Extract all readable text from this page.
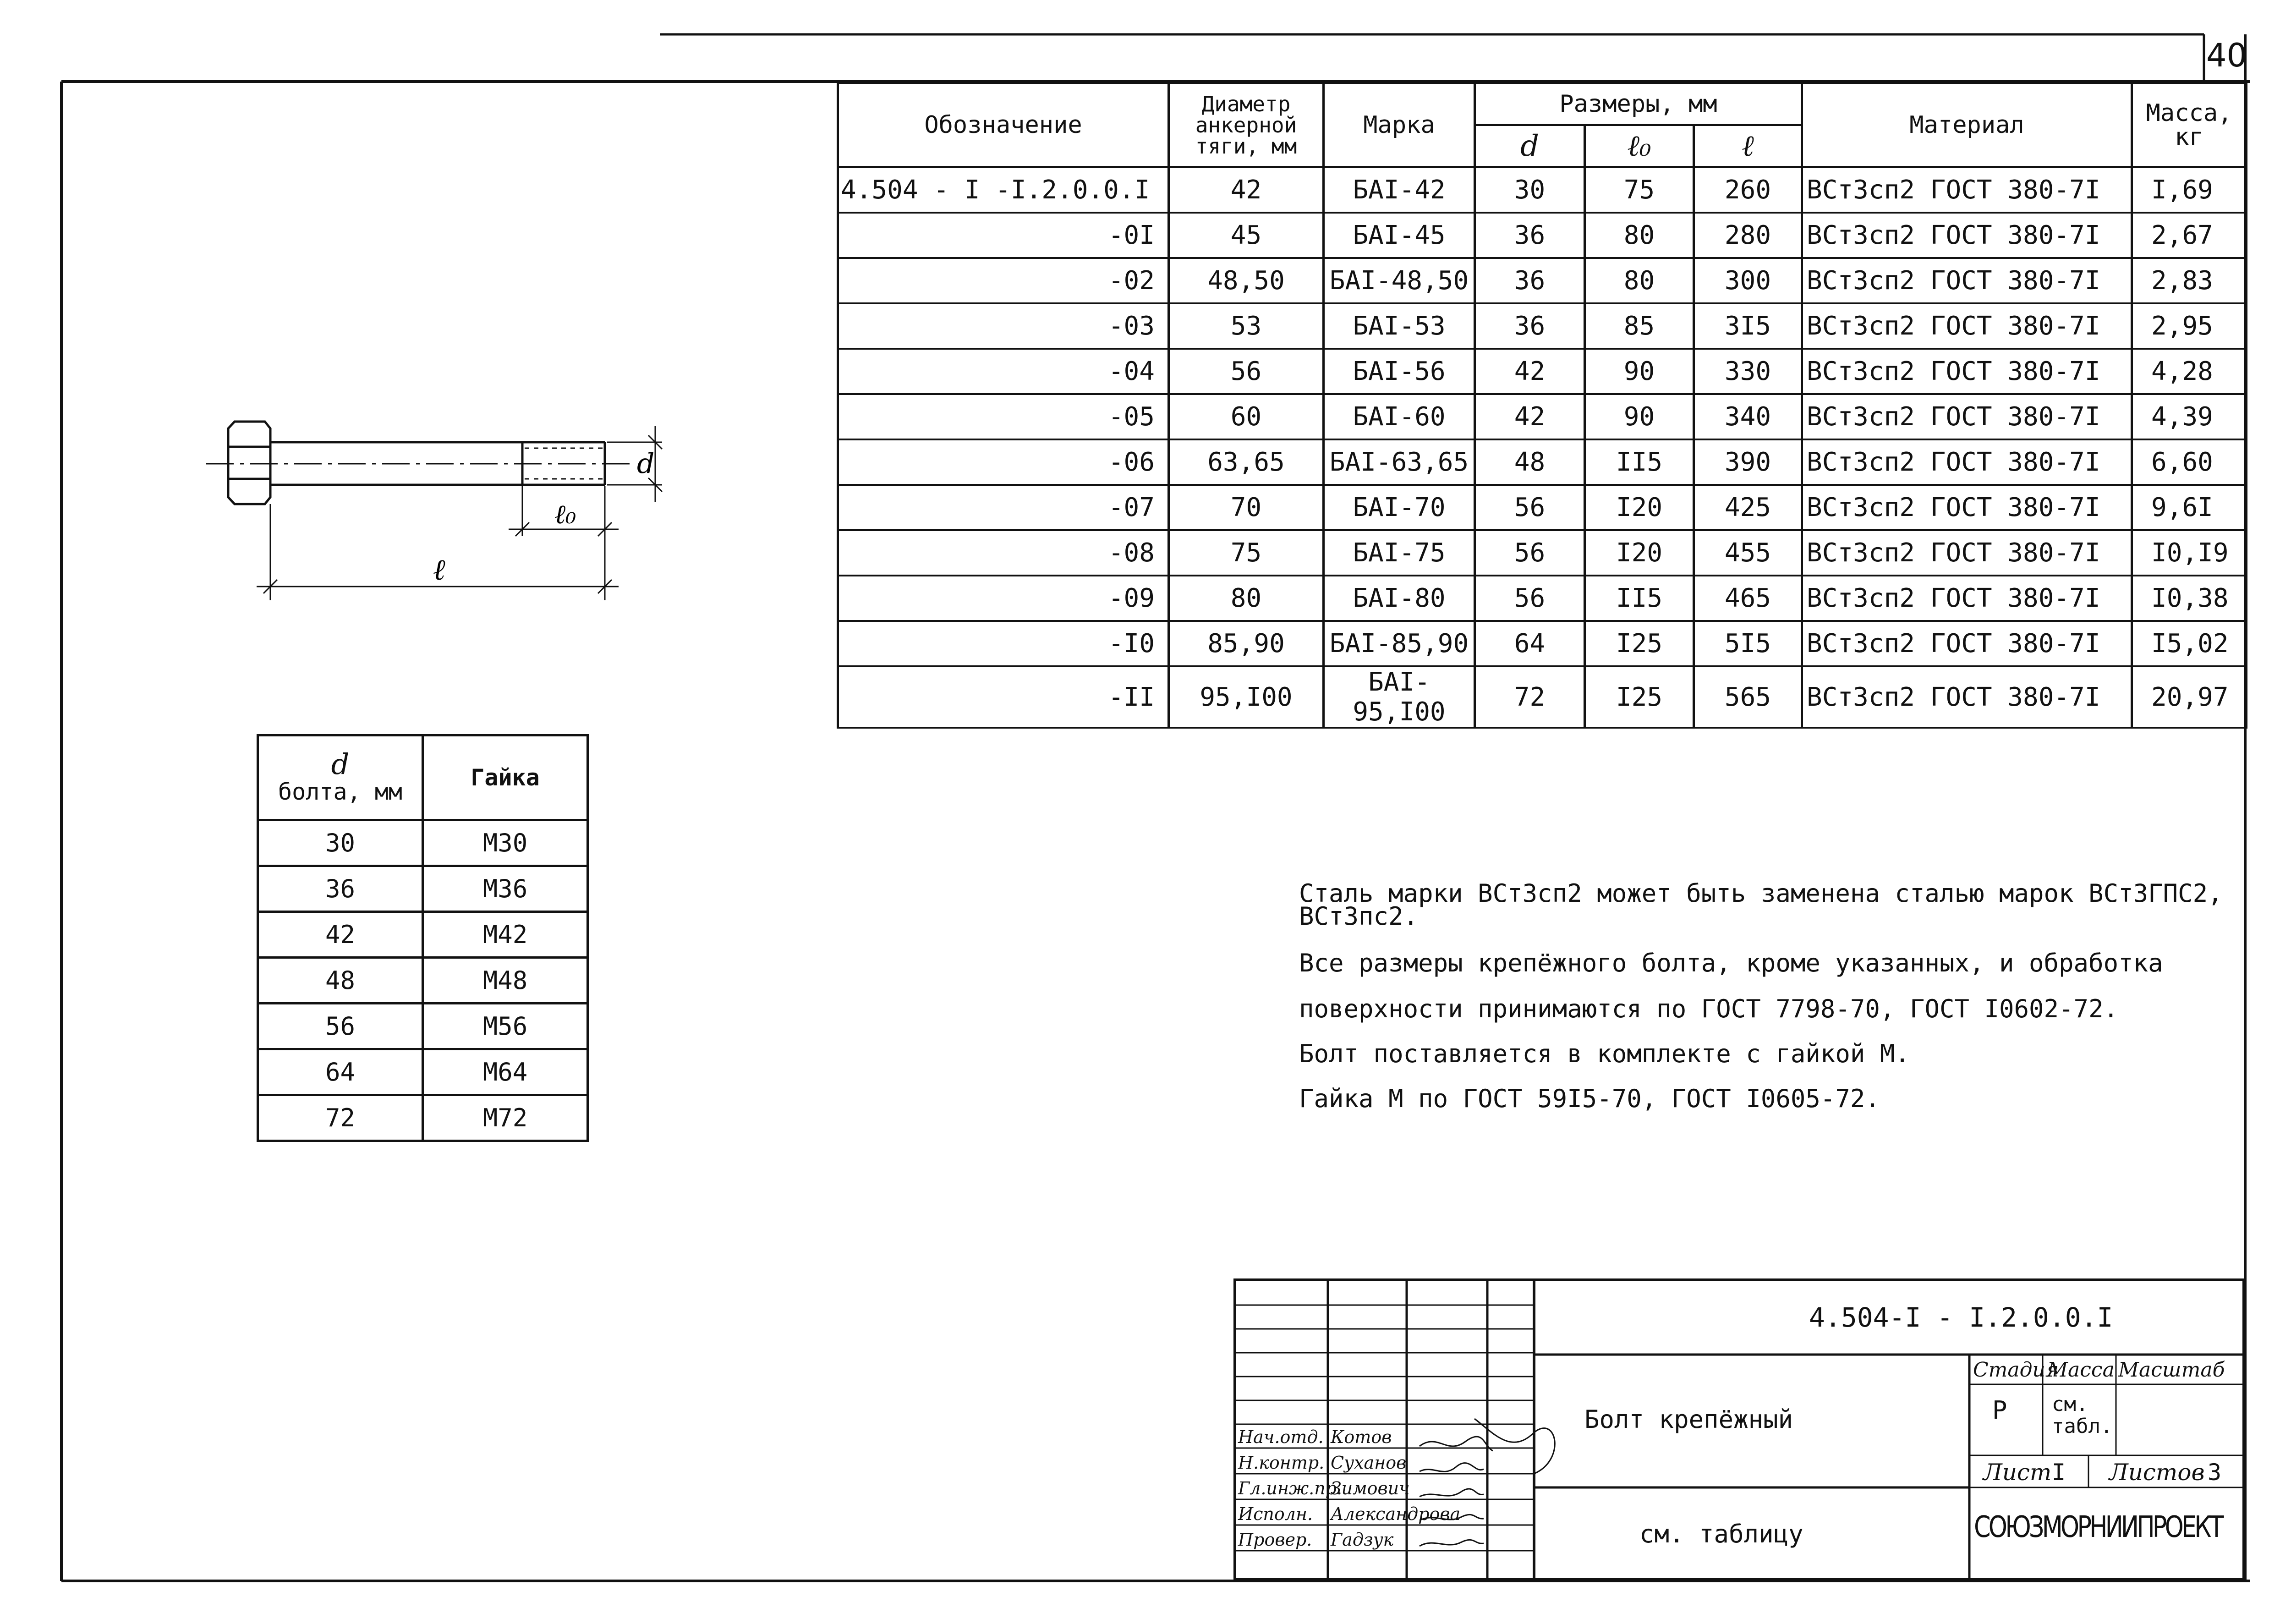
40
Обозначение	Диаметр анкерной тяги, мм	Марка	Размеры, мм			Материал	Масса, кг
			d	ℓ₀	ℓ		
4.504 - I -I.2.0.0.I	42	БАI-42	30	75	260	ВСт3сп2 ГОСТ 380-7I	I,69
-0I	45	БАI-45	36	80	280	ВСт3сп2 ГОСТ 380-7I	2,67
-02	48,50	БАI-48,50	36	80	300	ВСт3сп2 ГОСТ 380-7I	2,83
-03	53	БАI-53	36	85	3I5	ВСт3сп2 ГОСТ 380-7I	2,95
-04	56	БАI-56	42	90	330	ВСт3сп2 ГОСТ 380-7I	4,28
-05	60	БАI-60	42	90	340	ВСт3сп2 ГОСТ 380-7I	4,39
-06	63,65	БАI-63,65	48	II5	390	ВСт3сп2 ГОСТ 380-7I	6,60
-07	70	БАI-70	56	I20	425	ВСт3сп2 ГОСТ 380-7I	9,6I
-08	75	БАI-75	56	I20	455	ВСт3сп2 ГОСТ 380-7I	I0,I9
-09	80	БАI-80	56	II5	465	ВСт3сп2 ГОСТ 380-7I	I0,38
-I0	85,90	БАI-85,90	64	I25	5I5	ВСт3сп2 ГОСТ 380-7I	I5,02
-II	95,I00	БАI-95,I00	72	I25	565	ВСт3сп2 ГОСТ 380-7I	20,97
d
ℓ₀
ℓ
d
болта, мм	Гайка
30	М30
36	М36
42	М42
48	М48
56	М56
64	М64
72	М72
Сталь марки ВСт3сп2 может быть заменена сталью марок ВСт3ГПС2,
ВСт3пс2.
Все размеры крепёжного болта, кроме указанных, и обработка
поверхности принимаются по ГОСТ 7798-70, ГОСТ I0602-72.
Болт поставляется в комплекте с гайкой М.
Гайка М по ГОСТ 59I5-70, ГОСТ I0605-72.
Нач.отд. Котов
Н.контр. Суханов
Гл.инж.пр.
Зимович
Исполн. Александрова
Провер. Гадзук
4.504-I - I.2.0.0.I
Болт крепёжный
см. таблицу
Стадия
Масса Масштаб
Р см. табл.
Лист I Листов 3
СОЮЗМОРНИИПРОЕКТ
